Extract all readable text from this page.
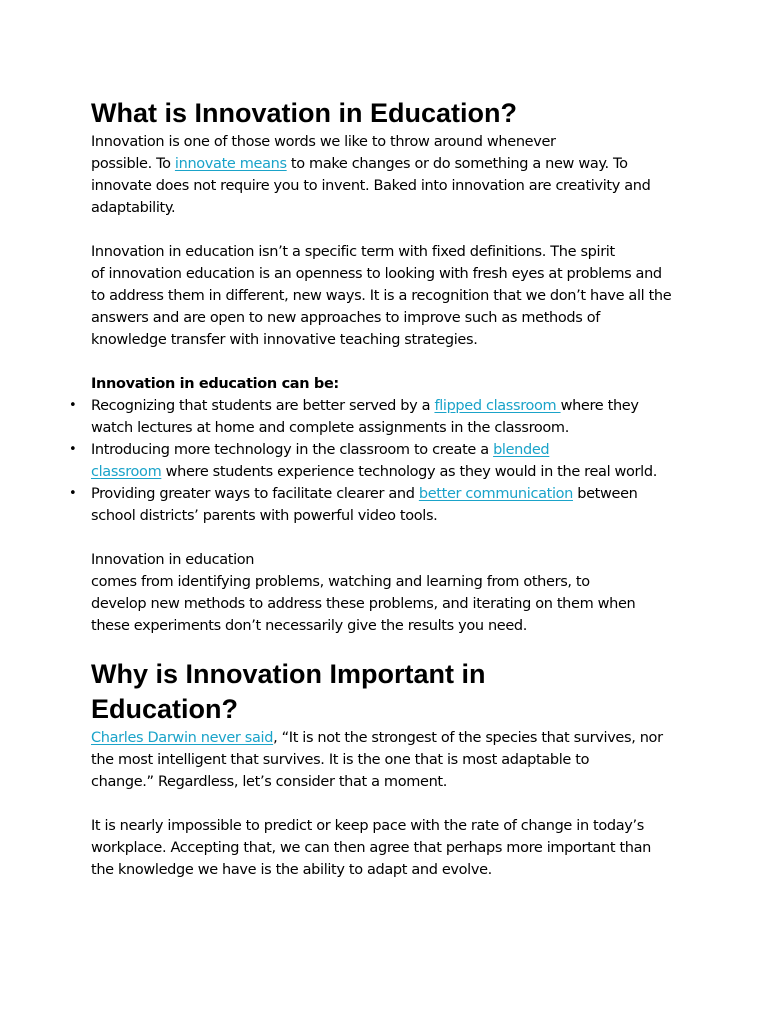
What is Innovation in Education?

Innovation is one of those words we like to throw around whenever
possible. To innovate means to make changes or do something a new way. To
innovate does not require you to invent. Baked into innovation are creativity and
adaptability.

Innovation in education isn’t a specific term with fixed definitions. The spirit
of innovation education is an openness to looking with fresh eyes at problems and
to address them in different, new ways. It is a recognition that we don’t have all the
answers and are open to new approaches to improve such as methods of
knowledge transfer with innovative teaching strategies.

Innovation in education can be:

• Recognizing that students are better served by a flipped classroom where they
watch lectures at home and complete assignments in the classroom.
• Introducing more technology in the classroom to create a blended
classroom where students experience technology as they would in the real world.
• Providing greater ways to facilitate clearer and better communication between
school districts’ parents with powerful video tools.

Innovation in education
comes from identifying problems, watching and learning from others, to
develop new methods to address these problems, and iterating on them when
these experiments don’t necessarily give the results you need.

Why is Innovation Important in
Education?

Charles Darwin never said, “It is not the strongest of the species that survives, nor
the most intelligent that survives. It is the one that is most adaptable to
change.” Regardless, let’s consider that a moment.

It is nearly impossible to predict or keep pace with the rate of change in today’s
workplace. Accepting that, we can then agree that perhaps more important than
the knowledge we have is the ability to adapt and evolve.
